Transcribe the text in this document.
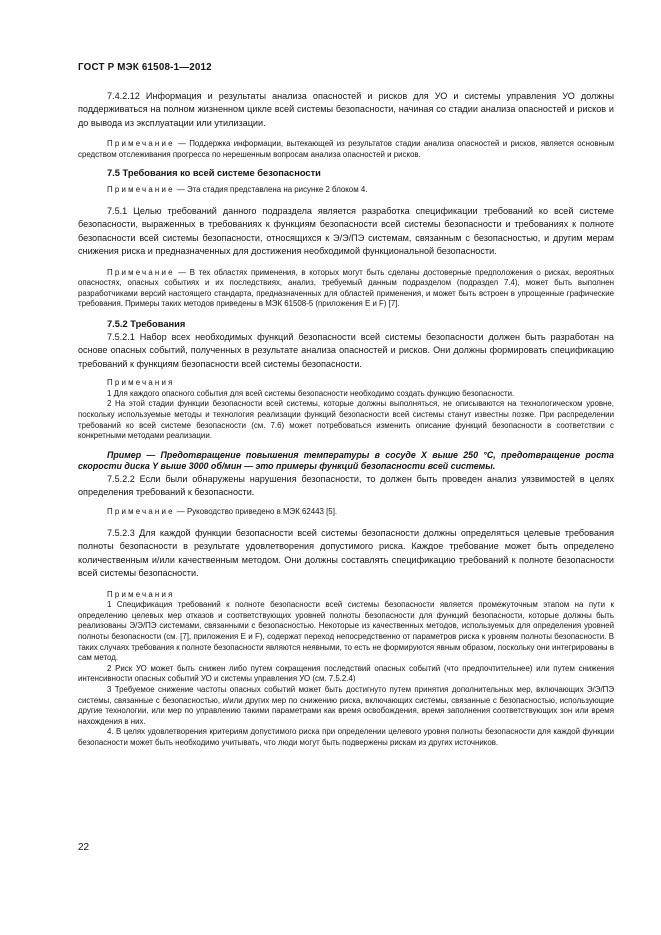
ГОСТ Р МЭК 61508-1—2012

7.4.2.12 Информация и результаты анализа опасностей и рисков для УО и системы управления УО должны поддерживаться на полном жизненном цикле всей системы безопасности, начиная со стадии анализа опасностей и рисков и до вывода из эксплуатации или утилизации.

Примечание — Поддержка информации, вытекающей из результатов стадии анализа опасностей и рисков, является основным средством отслеживания прогресса по нерешенным вопросам анализа опасностей и рисков.

7.5 Требования ко всей системе безопасности

Примечание — Эта стадия представлена на рисунке 2 блоком 4.

7.5.1 Целью требований данного подраздела является разработка спецификации требований ко всей системе безопасности, выраженных в требованиях к функциям безопасности всей системы безопасности и требованиях к полноте безопасности всей системы безопасности, относящихся к Э/Э/ПЭ системам, связанным с безопасностью, и другим мерам снижения риска и предназначенных для достижения необходимой функциональной безопасности.

Примечание — В тех областях применения, в которых могут быть сделаны достоверные предположения о рисках, вероятных опасностях, опасных событиях и их последствиях, анализ, требуемый данным подразделом (подраздел 7.4), может быть выполнен разработчиками версий настоящего стандарта, предназначенных для областей применения, и может быть встроен в упрощенные графические требования. Примеры таких методов приведены в МЭК 61508-5 (приложения Е и F) [7].

7.5.2 Требования

7.5.2.1 Набор всех необходимых функций безопасности всей системы безопасности должен быть разработан на основе опасных событий, полученных в результате анализа опасностей и рисков. Они должны формировать спецификацию требований к функциям безопасности всей системы безопасности.

Примечания

1 Для каждого опасного события для всей системы безопасности необходимо создать функцию безопасности.

2 На этой стадии функции безопасности всей системы, которые должны выполняться, не описываются на технологическом уровне, поскольку используемые методы и технология реализации функций безопасности всей системы станут известны позже. При распределении требований ко всей системе безопасности (см. 7.6) может потребоваться изменить описание функций безопасности в соответствии с конкретными методами реализации.

Пример — Предотвращение повышения температуры в сосуде X выше 250 °С, предотвращение роста скорости диска Y выше 3000 об/мин — это примеры функций безопасности всей системы.

7.5.2.2 Если были обнаружены нарушения безопасности, то должен быть проведен анализ уязвимостей в целях определения требований к безопасности.

Примечание — Руководство приведено в МЭК 62443 [5].

7.5.2.3 Для каждой функции безопасности всей системы безопасности должны определяться целевые требования полноты безопасности в результате удовлетворения допустимого риска. Каждое требование может быть определено количественным и/или качественным методом. Они должны составлять спецификацию требований к полноте безопасности всей системы безопасности.

Примечания

1 Спецификация требований к полноте безопасности всей системы безопасности является промежуточным этапом на пути к определению целевых мер отказов и соответствующих уровней полноты безопасности для функций безопасности, которые должны быть реализованы Э/Э/ПЭ системами, связанными с безопасностью. Некоторые из качественных методов, используемых для определения уровней полноты безопасности (см. [7], приложения Е и F), содержат переход непосредственно от параметров риска к уровням полноты безопасности. В таких случаях требования к полноте безопасности являются неявными, то есть не формируются явным образом, поскольку они интегрированы в сам метод.

2 Риск УО может быть снижен либо путем сокращения последствий опасных событий (что предпочтительнее) или путем снижения интенсивности опасных событий УО и системы управления УО (см. 7.5.2.4)

3 Требуемое снижение частоты опасных событий может быть достигнуто путем принятия дополнительных мер, включающих Э/Э/ПЭ системы, связанные с безопасностью, и/или других мер по снижению риска, включающих системы, связанные с безопасностью, использующие другие технологии, или мер по управлению такими параметрами как время освобождения, время заполнения соответствующих зон или время нахождения в них.

4. В целях удовлетворения критериям допустимого риска при определении целевого уровня полноты безопасности для каждой функции безопасности может быть необходимо учитывать, что люди могут быть подвержены рискам из других источников.

22
